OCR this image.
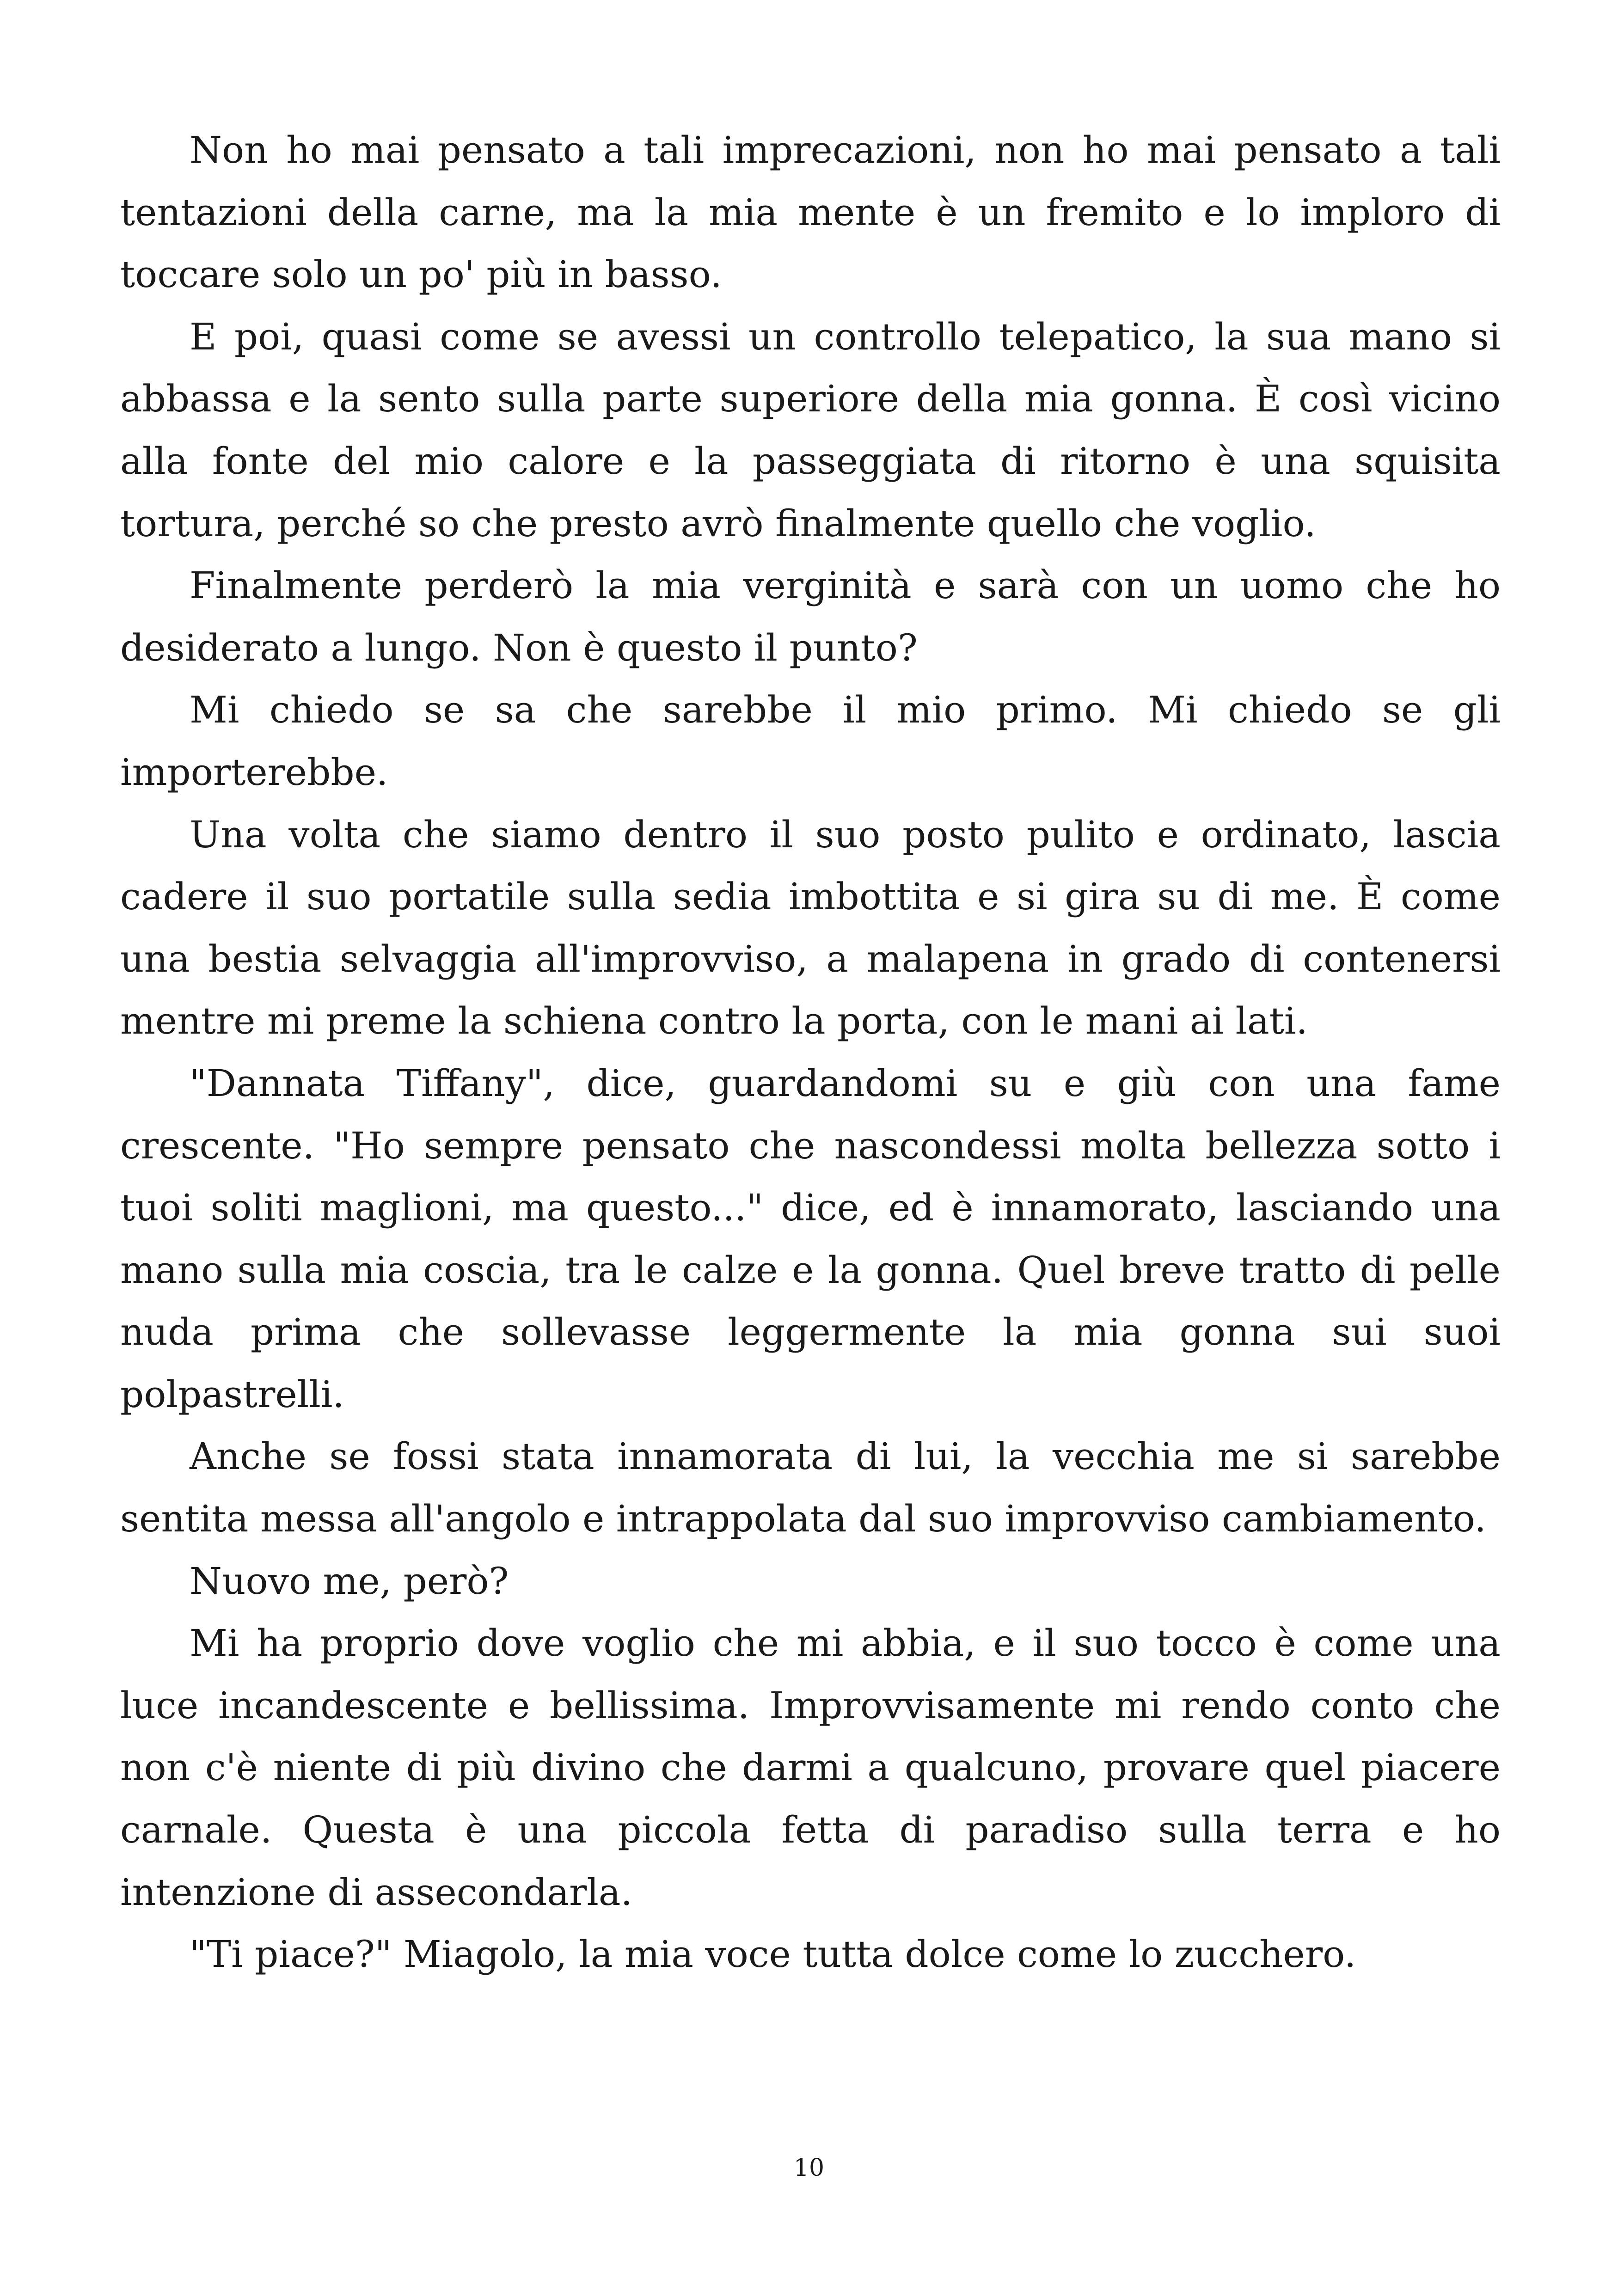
Non ho mai pensato a tali imprecazioni, non ho mai pensato a tali tentazioni della carne, ma la mia mente è un fremito e lo imploro di toccare solo un po' più in basso.

E poi, quasi come se avessi un controllo telepatico, la sua mano si abbassa e la sento sulla parte superiore della mia gonna. È così vicino alla fonte del mio calore e la passeggiata di ritorno è una squisita tortura, perché so che presto avrò finalmente quello che voglio.

Finalmente perderò la mia verginità e sarà con un uomo che ho desiderato a lungo. Non è questo il punto?

Mi chiedo se sa che sarebbe il mio primo. Mi chiedo se gli importerebbe.

Una volta che siamo dentro il suo posto pulito e ordinato, lascia cadere il suo portatile sulla sedia imbottita e si gira su di me. È come una bestia selvaggia all'improvviso, a malapena in grado di contenersi mentre mi preme la schiena contro la porta, con le mani ai lati.

"Dannata Tiffany", dice, guardandomi su e giù con una fame crescente. "Ho sempre pensato che nascondessi molta bellezza sotto i tuoi soliti maglioni, ma questo..." dice, ed è innamorato, lasciando una mano sulla mia coscia, tra le calze e la gonna. Quel breve tratto di pelle nuda prima che sollevasse leggermente la mia gonna sui suoi polpastrelli.

Anche se fossi stata innamorata di lui, la vecchia me si sarebbe sentita messa all'angolo e intrappolata dal suo improvviso cambiamento.

Nuovo me, però?

Mi ha proprio dove voglio che mi abbia, e il suo tocco è come una luce incandescente e bellissima. Improvvisamente mi rendo conto che non c'è niente di più divino che darmi a qualcuno, provare quel piacere carnale. Questa è una piccola fetta di paradiso sulla terra e ho intenzione di assecondarla.

"Ti piace?" Miagolo, la mia voce tutta dolce come lo zucchero.

10
